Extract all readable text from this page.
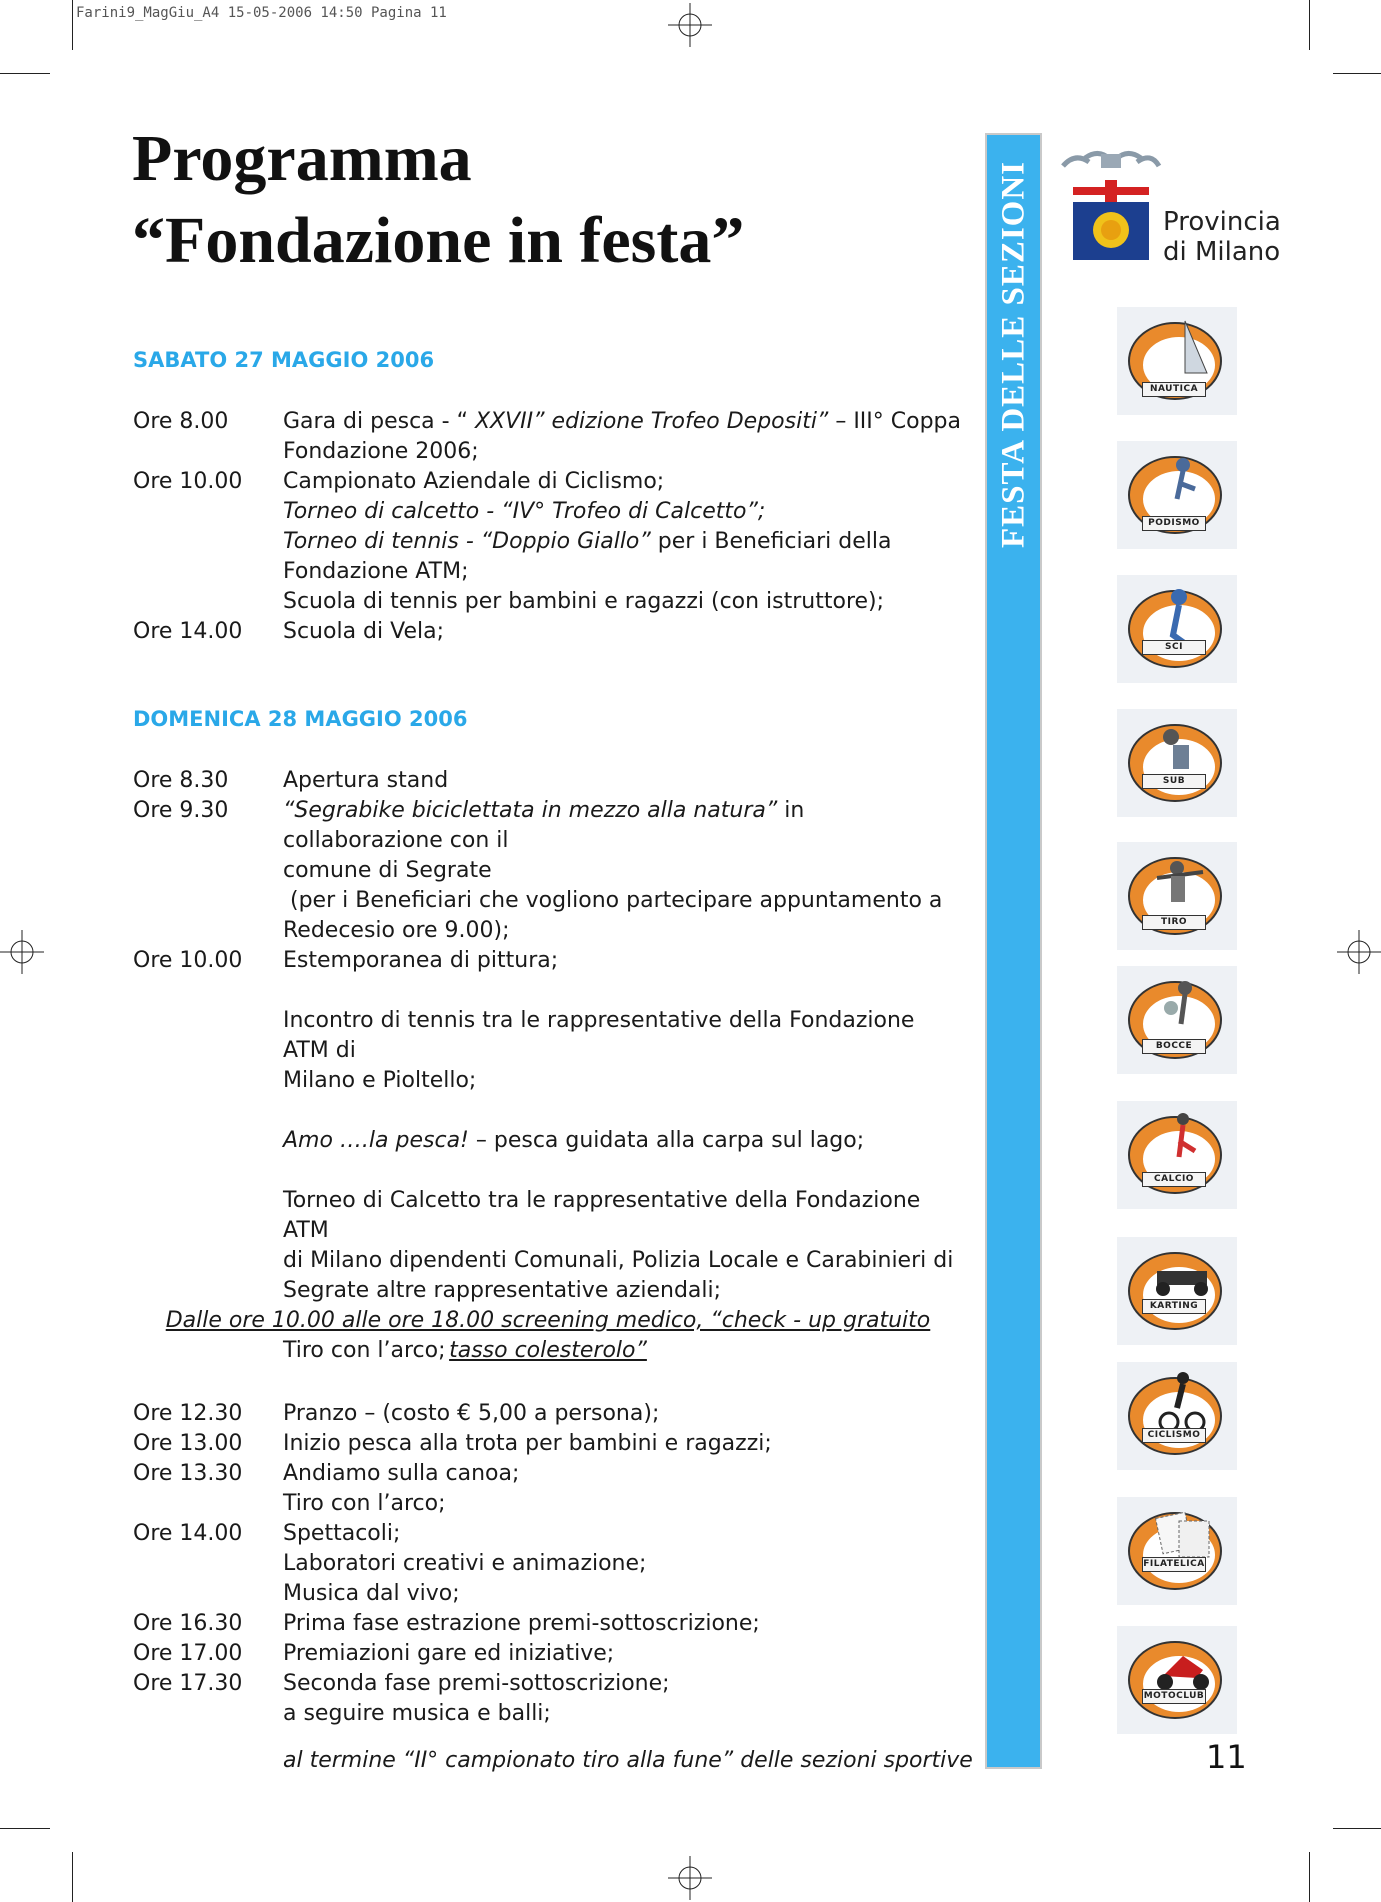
Farini9_MagGiu_A4 15-05-2006 14:50 Pagina 11
Programma
“Fondazione in festa”
SABATO 27 MAGGIO 2006
Ore 8.00	Gara di pesca - “ XXVII” edizione Trofeo Depositi” – III° Coppa
Fondazione 2006;
Ore 10.00	Campionato Aziendale di Ciclismo;
Torneo di calcetto - “IV° Trofeo di Calcetto”;
Torneo di tennis - “Doppio Giallo” per i Beneficiari della
Fondazione ATM;
Scuola di tennis per bambini e ragazzi (con istruttore);
Ore 14.00	Scuola di Vela;
DOMENICA 28 MAGGIO 2006
Ore 8.30	Apertura stand
Ore 9.30	“Segrabike biciclettata in mezzo alla natura” in collaborazione con il
comune di Segrate
(per i Beneficiari che vogliono partecipare appuntamento a
Redecesio ore 9.00);
Ore 10.00	Estemporanea di pittura;
Incontro di tennis tra le rappresentative della Fondazione ATM di
Milano e Pioltello;
Amo ….la pesca! – pesca guidata alla carpa sul lago;
Torneo di Calcetto tra le rappresentative della Fondazione ATM
di Milano dipendenti Comunali, Polizia Locale e Carabinieri di
Segrate altre rappresentative aziendali;
Tiro con l’arco;
Dalle ore 10.00 alle ore 18.00 screening medico, “check - up gratuito
tasso colesterolo”
Ore 12.30	Pranzo – (costo € 5,00 a persona);
Ore 13.00	Inizio pesca alla trota per bambini e ragazzi;
Ore 13.30	Andiamo sulla canoa;
Tiro con l’arco;
Ore 14.00	Spettacoli;
Laboratori creativi e animazione;
Musica dal vivo;
Ore 16.30	Prima fase estrazione premi-sottoscrizione;
Ore 17.00	Premiazioni gare ed iniziative;
Ore 17.30	Seconda fase premi-sottoscrizione;
a seguire musica e balli;
al termine “II° campionato tiro alla fune” delle sezioni sportive
FESTA DELLE SEZIONI	Provincia
di Milano
NAUTICA
PODISMO
SCI
SUB
TIRO
BOCCE
CALCIO
KARTING
CICLISMO
FILATELICA
MOTOCLUB
11
